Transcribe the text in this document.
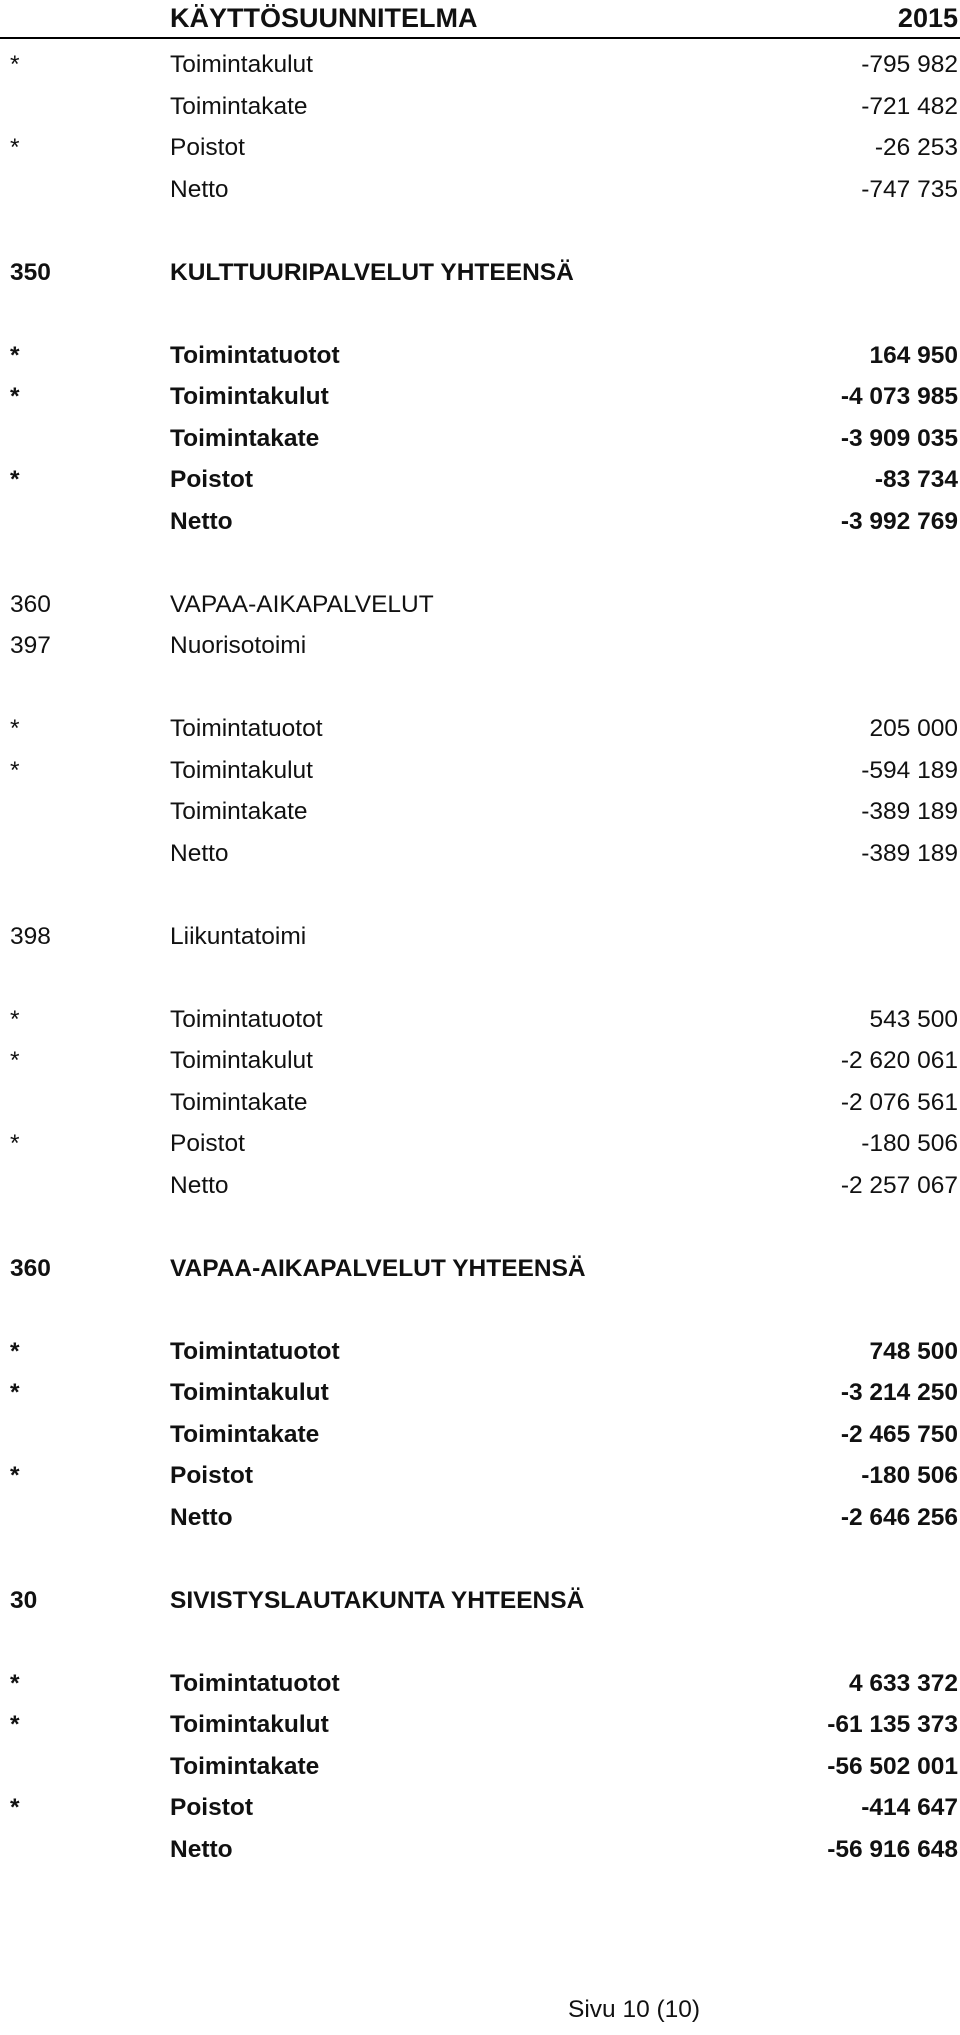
KÄYTTÖSUUNNITELMA	2015
*	Toimintakulut	-795 982
Toimintakate	-721 482
*	Poistot	-26 253
Netto	-747 735
350	KULTTUURIPALVELUT YHTEENSÄ
*	Toimintatuotot	164 950
*	Toimintakulut	-4 073 985
Toimintakate	-3 909 035
*	Poistot	-83 734
Netto	-3 992 769
360	VAPAA-AIKAPALVELUT
397	Nuorisotoimi
*	Toimintatuotot	205 000
*	Toimintakulut	-594 189
Toimintakate	-389 189
Netto	-389 189
398	Liikuntatoimi
*	Toimintatuotot	543 500
*	Toimintakulut	-2 620 061
Toimintakate	-2 076 561
*	Poistot	-180 506
Netto	-2 257 067
360	VAPAA-AIKAPALVELUT YHTEENSÄ
*	Toimintatuotot	748 500
*	Toimintakulut	-3 214 250
Toimintakate	-2 465 750
*	Poistot	-180 506
Netto	-2 646 256
30	SIVISTYSLAUTAKUNTA YHTEENSÄ
*	Toimintatuotot	4 633 372
*	Toimintakulut	-61 135 373
Toimintakate	-56 502 001
*	Poistot	-414 647
Netto	-56 916 648
Sivu 10 (10)
